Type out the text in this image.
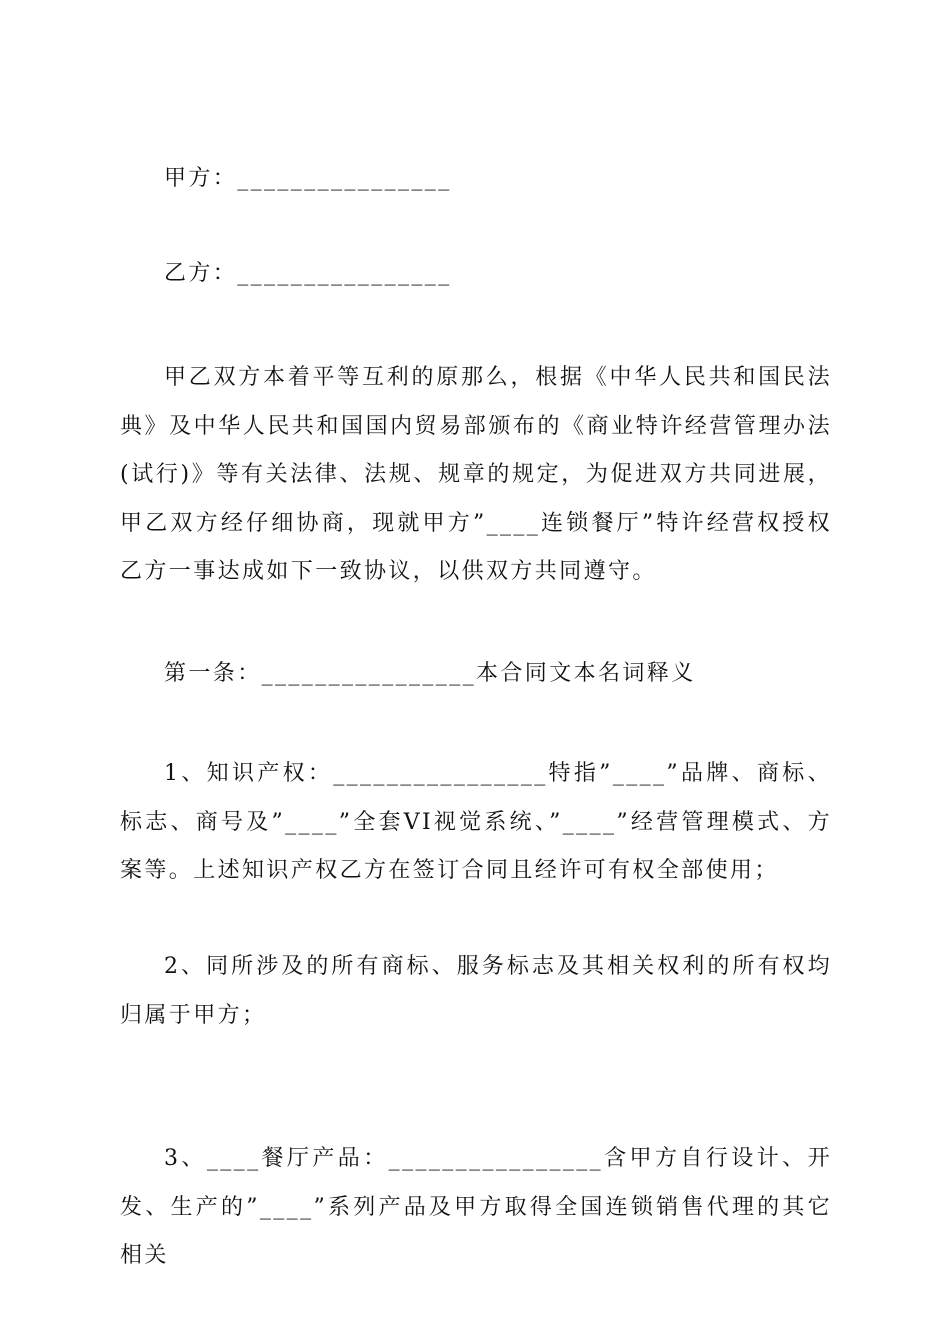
甲方：________________

乙方：________________

甲乙双方本着平等互利的原那么，根据《中华人民共和国民法典》及中华人民共和国国内贸易部颁布的《商业特许经营管理办法(试行)》等有关法律、法规、规章的规定，为促进双方共同进展，甲乙双方经仔细协商，现就甲方”____连锁餐厅”特许经营权授权乙方一事达成如下一致协议，以供双方共同遵守。

第一条：________________本合同文本名词释义

1、知识产权：________________特指”____”品牌、商标、标志、商号及”____”全套VI视觉系统、”____”经营管理模式、方案等。上述知识产权乙方在签订合同且经许可有权全部使用；

2、同所涉及的所有商标、服务标志及其相关权利的所有权均归属于甲方；

3、____餐厅产品：________________含甲方自行设计、开发、生产的”____”系列产品及甲方取得全国连锁销售代理的其它相关
